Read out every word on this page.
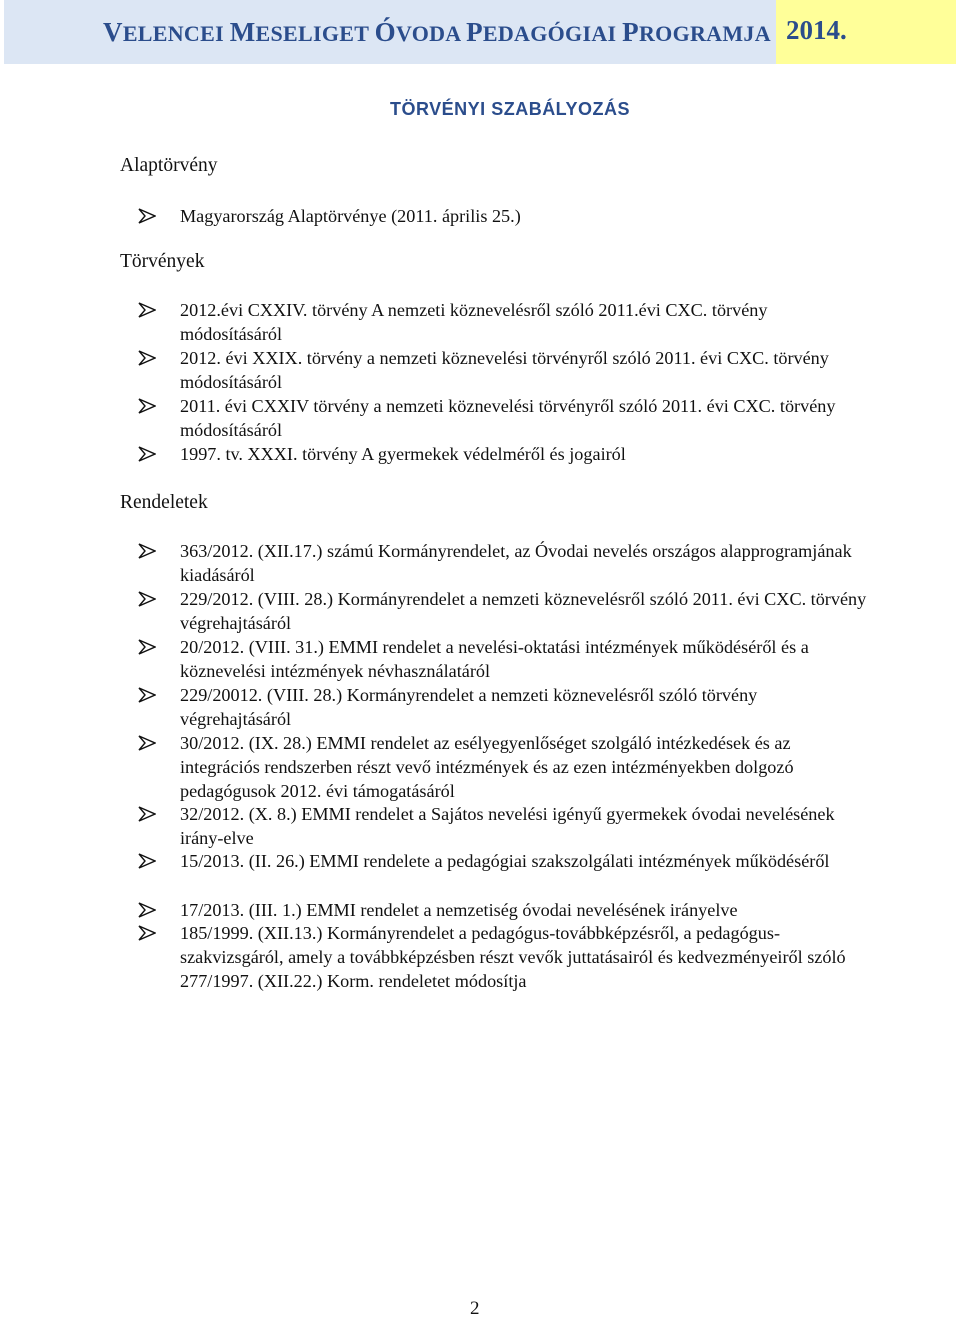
VELENCEI MESELIGET ÓVODA PEDAGÓGIAI PROGRAMJA 2014.
TÖRVÉNYI SZABÁLYOZÁS
Alaptörvény
Magyarország Alaptörvénye (2011. április 25.)
Törvények
2012.évi CXXIV. törvény A nemzeti köznevelésről szóló 2011.évi CXC. törvény módosításáról
2012. évi XXIX. törvény a nemzeti köznevelési törvényről szóló 2011. évi CXC. törvény módosításáról
2011. évi CXXIV törvény a nemzeti köznevelési törvényről szóló 2011. évi CXC. törvény módosításáról
1997. tv. XXXI. törvény A gyermekek védelméről és jogairól
Rendeletek
363/2012. (XII.17.) számú Kormányrendelet, az Óvodai nevelés országos alapprogramjának kiadásáról
229/2012. (VIII. 28.) Kormányrendelet a nemzeti köznevelésről szóló 2011. évi CXC. törvény végrehajtásáról
20/2012. (VIII. 31.) EMMI rendelet a nevelési-oktatási intézmények működéséről és a köznevelési intézmények névhasználatáról
229/20012. (VIII. 28.) Kormányrendelet a nemzeti köznevelésről szóló törvény végrehajtásáról
30/2012. (IX. 28.) EMMI rendelet az esélyegyenlőséget szolgáló intézkedések és az integrációs rendszerben részt vevő intézmények és az ezen intézményekben dolgozó pedagógusok 2012. évi támogatásáról
32/2012. (X. 8.) EMMI rendelet a Sajátos nevelési igényű gyermekek óvodai nevelésének irány-elve
15/2013. (II. 26.) EMMI rendelete a pedagógiai szakszolgálati intézmények működéséről
17/2013. (III. 1.) EMMI rendelet a nemzetiség óvodai nevelésének irányelve
185/1999. (XII.13.) Kormányrendelet a pedagógus-továbbképzésről, a pedagógus-szakvizsgáról, amely a továbbképzésben részt vevők juttatásairól és kedvezményeiről szóló 277/1997. (XII.22.) Korm. rendeletet módosítja
2
